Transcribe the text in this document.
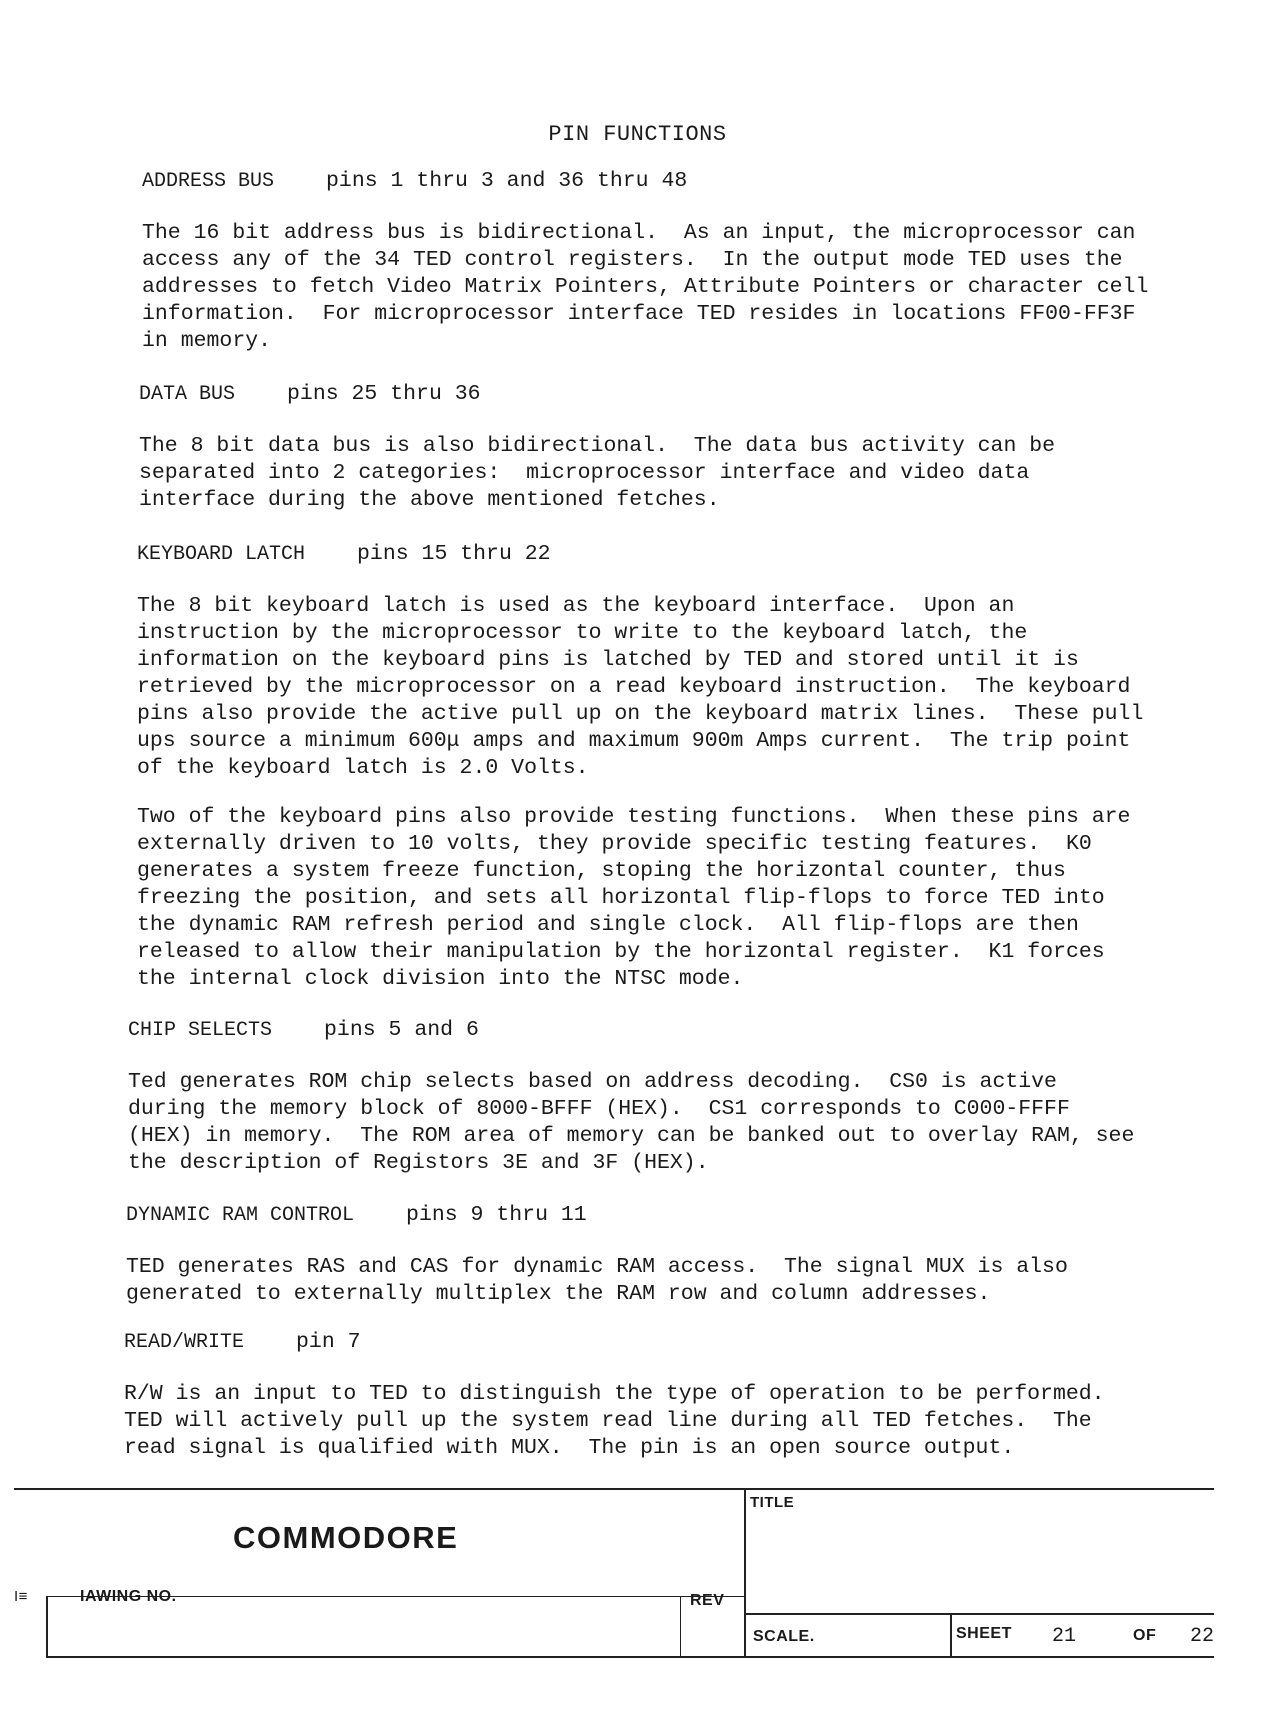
PIN FUNCTIONS
ADDRESS BUS pins 1 thru 3 and 36 thru 48
The 16 bit address bus is bidirectional.  As an input, the microprocessor can
access any of the 34 TED control registers.  In the output mode TED uses the
addresses to fetch Video Matrix Pointers, Attribute Pointers or character cell
information.  For microprocessor interface TED resides in locations FF00-FF3F
in memory.
DATA BUS pins 25 thru 36
The 8 bit data bus is also bidirectional.  The data bus activity can be
separated into 2 categories:  microprocessor interface and video data
interface during the above mentioned fetches.
KEYBOARD LATCH pins 15 thru 22
The 8 bit keyboard latch is used as the keyboard interface.  Upon an
instruction by the microprocessor to write to the keyboard latch, the
information on the keyboard pins is latched by TED and stored until it is
retrieved by the microprocessor on a read keyboard instruction.  The keyboard
pins also provide the active pull up on the keyboard matrix lines.  These pull
ups source a minimum 600μ amps and maximum 900m Amps current.  The trip point
of the keyboard latch is 2.0 Volts.
Two of the keyboard pins also provide testing functions.  When these pins are
externally driven to 10 volts, they provide specific testing features.  K0
generates a system freeze function, stoping the horizontal counter, thus
freezing the position, and sets all horizontal flip-flops to force TED into
the dynamic RAM refresh period and single clock.  All flip-flops are then
released to allow their manipulation by the horizontal register.  K1 forces
the internal clock division into the NTSC mode.
CHIP SELECTS pins 5 and 6
Ted generates ROM chip selects based on address decoding.  CS0 is active
during the memory block of 8000-BFFF (HEX).  CS1 corresponds to C000-FFFF
(HEX) in memory.  The ROM area of memory can be banked out to overlay RAM, see
the description of Registors 3E and 3F (HEX).
DYNAMIC RAM CONTROL pins 9 thru 11
TED generates RAS and CAS for dynamic RAM access.  The signal MUX is also
generated to externally multiplex the RAM row and column addresses.
READ/WRITE pin 7
R/W is an input to TED to distinguish the type of operation to be performed.
TED will actively pull up the system read line during all TED fetches.  The
read signal is qualified with MUX.  The pin is an open source output.
COMMODORE
TITLE
IAWING NO.
I≡	REV
SCALE.	SHEET 21	OF 22
